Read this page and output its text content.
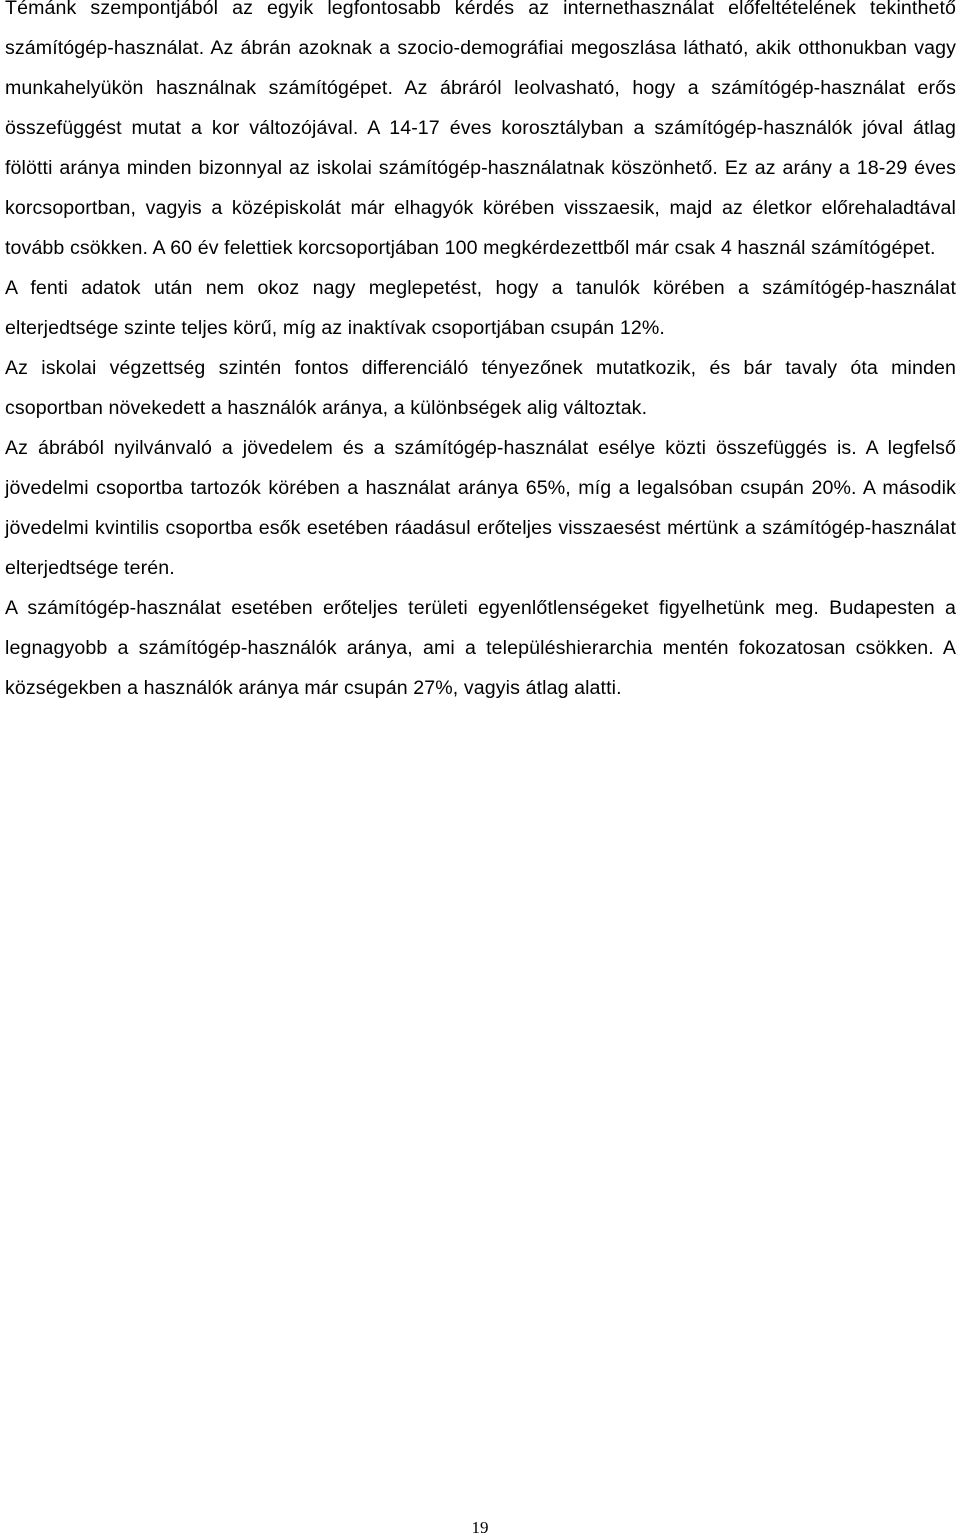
Témánk szempontjából az egyik legfontosabb kérdés az internethasználat előfeltételének tekinthető számítógép-használat. Az ábrán azoknak a szocio-demográfiai megoszlása látható, akik otthonukban vagy munkahelyükön használnak számítógépet. Az ábráról leolvasható, hogy a számítógép-használat erős összefüggést mutat a kor változójával. A 14-17 éves korosztályban a számítógép-használók jóval átlag fölötti aránya minden bizonnyal az iskolai számítógép-használatnak köszönhető. Ez az arány a 18-29 éves korcsoportban, vagyis a középiskolát már elhagyók körében visszaesik, majd az életkor előrehaladtával tovább csökken. A 60 év felettiek korcsoportjában 100 megkérdezettből már csak 4 használ számítógépet.

A fenti adatok után nem okoz nagy meglepetést, hogy a tanulók körében a számítógép-használat elterjedtsége szinte teljes körű, míg az inaktívak csoportjában csupán 12%.

Az iskolai végzettség szintén fontos differenciáló tényezőnek mutatkozik, és bár tavaly óta minden csoportban növekedett a használók aránya, a különbségek alig változtak.

Az ábrából nyilvánvaló a jövedelem és a számítógép-használat esélye közti összefüggés is. A legfelső jövedelmi csoportba tartozók körében a használat aránya 65%, míg a legalsóban csupán 20%. A második jövedelmi kvintilis csoportba esők esetében ráadásul erőteljes visszaesést mértünk a számítógép-használat elterjedtsége terén.

A számítógép-használat esetében erőteljes területi egyenlőtlenségeket figyelhetünk meg. Budapesten a legnagyobb a számítógép-használók aránya, ami a településhierarchia mentén fokozatosan csökken. A községekben a használók aránya már csupán 27%, vagyis átlag alatti.

19
